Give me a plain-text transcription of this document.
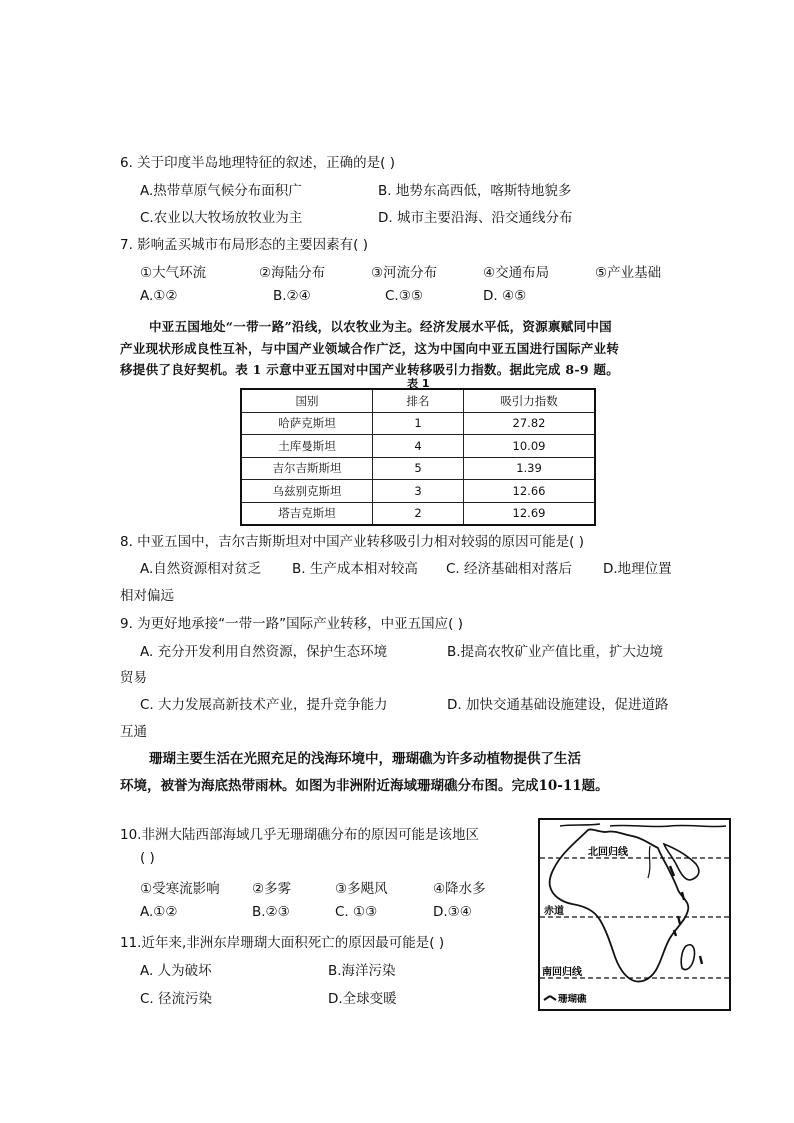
6. 关于印度半岛地理特征的叙述，正确的是( )
A.热带草原气候分布面积广	B. 地势东高西低，喀斯特地貌多
C.农业以大牧场放牧业为主	D. 城市主要沿海、沿交通线分布
7. 影响孟买城市布局形态的主要因素有( )
①大气环流	②海陆分布	③河流分布	④交通布局	⑤产业基础
A.①②	B.②④	C.③⑤	D. ④⑤
中亚五国地处“一带一路”沿线，以农牧业为主。经济发展水平低，资源禀赋同中国
产业现状形成良性互补，与中国产业领域合作广泛，这为中国向中亚五国进行国际产业转
移提供了良好契机。表 1 示意中亚五国对中国产业转移吸引力指数。据此完成 8-9 题。
表 1
国别	排名	吸引力指数
哈萨克斯坦	1	27.82
土库曼斯坦	4	10.09
吉尔吉斯斯坦	5	1.39
乌兹别克斯坦	3	12.66
塔吉克斯坦	2	12.69
8. 中亚五国中，吉尔吉斯斯坦对中国产业转移吸引力相对较弱的原因可能是( )
A.自然资源相对贫乏 B. 生产成本相对较高 C. 经济基础相对落后 D.地理位置
相对偏远
9. 为更好地承接“一带一路”国际产业转移，中亚五国应( )
A. 充分开发利用自然资源，保护生态环境	B.提高农牧矿业产值比重，扩大边境
贸易
C. 大力发展高新技术产业，提升竞争能力	D. 加快交通基础设施建设，促进道路
互通
珊瑚主要生活在光照充足的浅海环境中，珊瑚礁为许多动植物提供了生活
环境，被誉为海底热带雨林。如图为非洲附近海域珊瑚礁分布图。完成10-11题。
10.非洲大陆西部海域几乎无珊瑚礁分布的原因可能是该地区
( )
①受寒流影响 ②多雾	③多飓风	④降水多
A.①②	B.②③	C. ①③	D.③④
11.近年来,非洲东岸珊瑚大面积死亡的原因最可能是( )
A. 人为破坏	B.海洋污染
C. 径流污染	D.全球变暖
北回归线
赤道
南回归线
珊瑚礁
